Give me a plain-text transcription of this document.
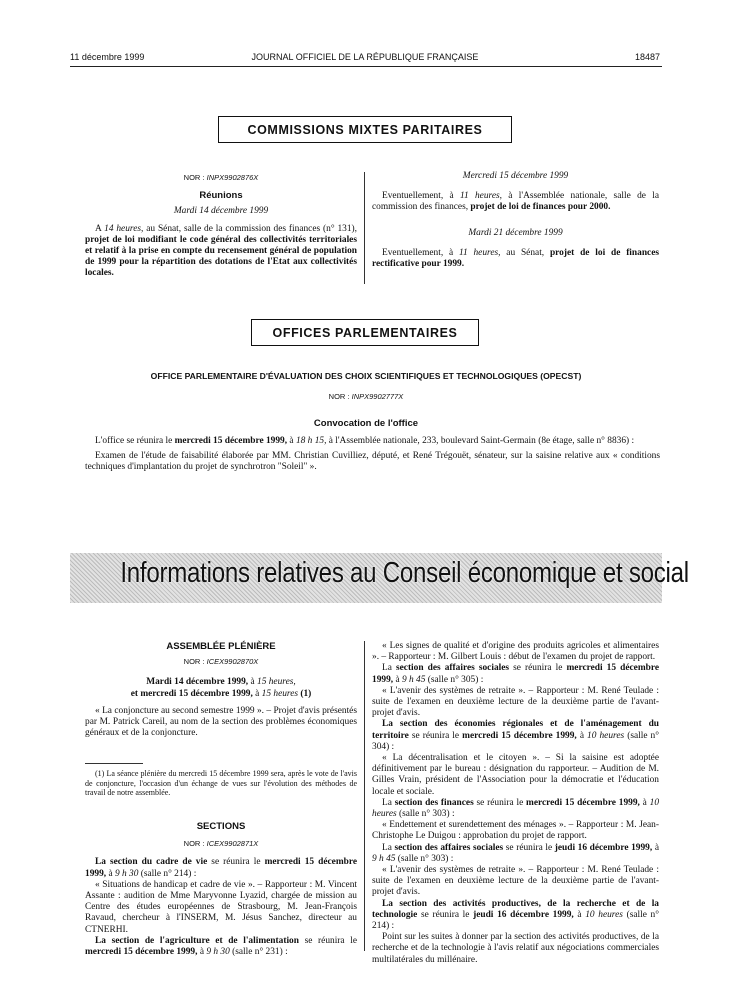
11 décembre 1999	JOURNAL OFFICIEL DE LA RÉPUBLIQUE FRANÇAISE	18487
COMMISSIONS MIXTES PARITAIRES
NOR : INPX9902876X
Réunions
Mardi 14 décembre 1999

A 14 heures, au Sénat, salle de la commission des finances (n° 131), projet de loi modifiant le code général des collectivités territoriales et relatif à la prise en compte du recensement général de population de 1999 pour la répartition des dotations de l'Etat aux collectivités locales.

Mercredi 15 décembre 1999

Eventuellement, à 11 heures, à l'Assemblée nationale, salle de la commission des finances, projet de loi de finances pour 2000.

Mardi 21 décembre 1999

Eventuellement, à 11 heures, au Sénat, projet de loi de finances rectificative pour 1999.

OFFICES PARLEMENTAIRES
OFFICE PARLEMENTAIRE D'ÉVALUATION DES CHOIX SCIENTIFIQUES ET TECHNOLOGIQUES (OPECST)
NOR : INPX9902777X
Convocation de l'office

L'office se réunira le mercredi 15 décembre 1999, à 18 h 15, à l'Assemblée nationale, 233, boulevard Saint-Germain (8e étage, salle n° 8836) :

Examen de l'étude de faisabilité élaborée par MM. Christian Cuvilliez, député, et René Trégouët, sénateur, sur la saisine relative aux « conditions techniques d'implantation du projet de synchrotron "Soleil" ».

Informations relatives au Conseil économique et social
ASSEMBLÉE PLÉNIÈRE
NOR : ICEX9902870X
Mardi 14 décembre 1999, à 15 heures,
et mercredi 15 décembre 1999, à 15 heures (1)

« La conjoncture au second semestre 1999 ». – Projet d'avis présentés par M. Patrick Careil, au nom de la section des problèmes économiques généraux et de la conjoncture.

(1) La séance plénière du mercredi 15 décembre 1999 sera, après le vote de l'avis de conjoncture, l'occasion d'un échange de vues sur l'évolution des méthodes de travail de notre assemblée.

SECTIONS
NOR : ICEX9902871X

La section du cadre de vie se réunira le mercredi 15 décembre 1999, à 9 h 30 (salle n° 214) :

« Situations de handicap et cadre de vie ». – Rapporteur : M. Vincent Assante : audition de Mme Maryvonne Lyazid, chargée de mission au Centre des études européennes de Strasbourg, M. Jean-François Ravaud, chercheur à l'INSERM, M. Jésus Sanchez, directeur au CTNERHI.

La section de l'agriculture et de l'alimentation se réunira le mercredi 15 décembre 1999, à 9 h 30 (salle n° 231) :

« Les signes de qualité et d'origine des produits agricoles et alimentaires ». – Rapporteur : M. Gilbert Louis : début de l'examen du projet de rapport.

La section des affaires sociales se réunira le mercredi 15 décembre 1999, à 9 h 45 (salle n° 305) :

« L'avenir des systèmes de retraite ». – Rapporteur : M. René Teulade : suite de l'examen en deuxième lecture de la deuxième partie de l'avant-projet d'avis.

La section des économies régionales et de l'aménagement du territoire se réunira le mercredi 15 décembre 1999, à 10 heures (salle n° 304) :

« La décentralisation et le citoyen ». – Si la saisine est adoptée définitivement par le bureau : désignation du rapporteur. – Audition de M. Gilles Vrain, président de l'Association pour la démocratie et l'éducation locale et sociale.

La section des finances se réunira le mercredi 15 décembre 1999, à 10 heures (salle n° 303) :

« Endettement et surendettement des ménages ». – Rapporteur : M. Jean-Christophe Le Duigou : approbation du projet de rapport.

La section des affaires sociales se réunira le jeudi 16 décembre 1999, à 9 h 45 (salle n° 303) :

« L'avenir des systèmes de retraite ». – Rapporteur : M. René Teulade : suite de l'examen en deuxième lecture de la deuxième partie de l'avant-projet d'avis.

La section des activités productives, de la recherche et de la technologie se réunira le jeudi 16 décembre 1999, à 10 heures (salle n° 214) :

Point sur les suites à donner par la section des activités productives, de la recherche et de la technologie à l'avis relatif aux négociations commerciales multilatérales du millénaire.
